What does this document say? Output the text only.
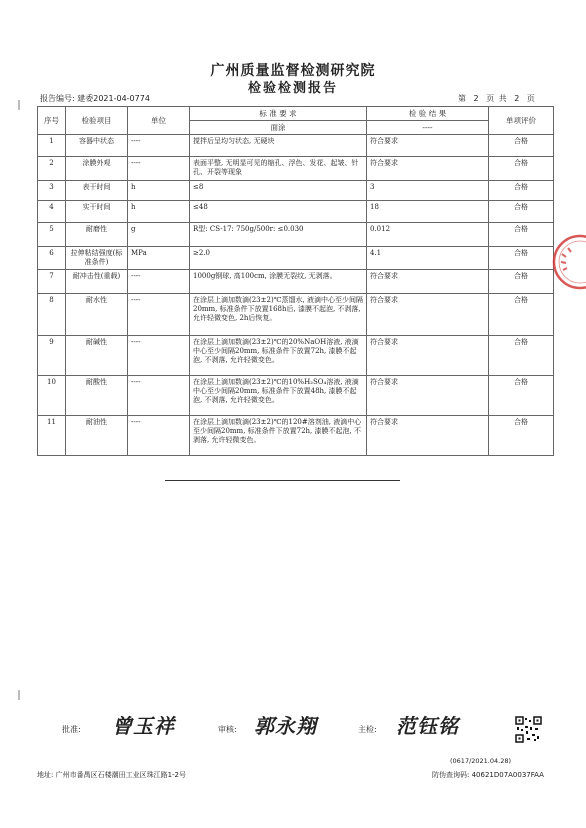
广州质量监督检测研究院
检验检测报告
报告编号: 建委2021-04-0774	第 2 页 共 2 页
序号	检验项目	单位	标 准 要 求	检 验 结 果	单项评价
			面涂	----	
1	容器中状态	----	搅拌后呈均匀状态, 无硬块	符合要求	合格
2	涂膜外观	----	表面平整, 无明显可见的缩孔、浮色、发花、起皱、针孔、开裂等现象	符合要求	合格
3	表干时间	h	≤8	3	合格
4	实干时间	h	≤48	18	合格
5	耐磨性	g	R型: CS-17: 750g/500r: ≤0.030	0.012	合格
6	拉伸粘结强度(标准条件)	MPa	≥2.0	4.1	合格
7	耐冲击性(重载)	----	1000g钢球, 高100cm, 涂膜无裂纹, 无剥落。	符合要求	合格
8	耐水性	----	在涂层上滴加数滴(23±2)℃蒸馏水, 液滴中心至少间隔20mm, 标准条件下放置168h后, 漆膜不起泡, 不剥落, 允许轻微变色, 2h后恢复。	符合要求	合格
9	耐碱性	----	在涂层上滴加数滴(23±2)℃的20%NaOH溶液, 液滴中心至少间隔20mm, 标准条件下放置72h, 漆膜不起泡, 不剥落, 允许轻微变色。	符合要求	合格
10	耐酸性	----	在涂层上滴加数滴(23±2)℃的10%H₂SO₄溶液, 液滴中心至少间隔20mm, 标准条件下放置48h, 漆膜不起泡, 不剥落, 允许轻微变色。	符合要求	合格
11	耐油性	----	在涂层上滴加数滴(23±2)℃的120#溶剂油, 液滴中心至少间隔20mm, 标准条件下放置72h, 漆膜不起泡, 不剥落, 允许轻微变色。	符合要求	合格
批准: 曾玉祥	审核: 郭永翔	主检: 范钰铭
(0617/2021.04.28)
地址: 广州市番禺区石楼潮田工业区珠江路1-2号	防伪查询码: 40621D07A0037FAA
